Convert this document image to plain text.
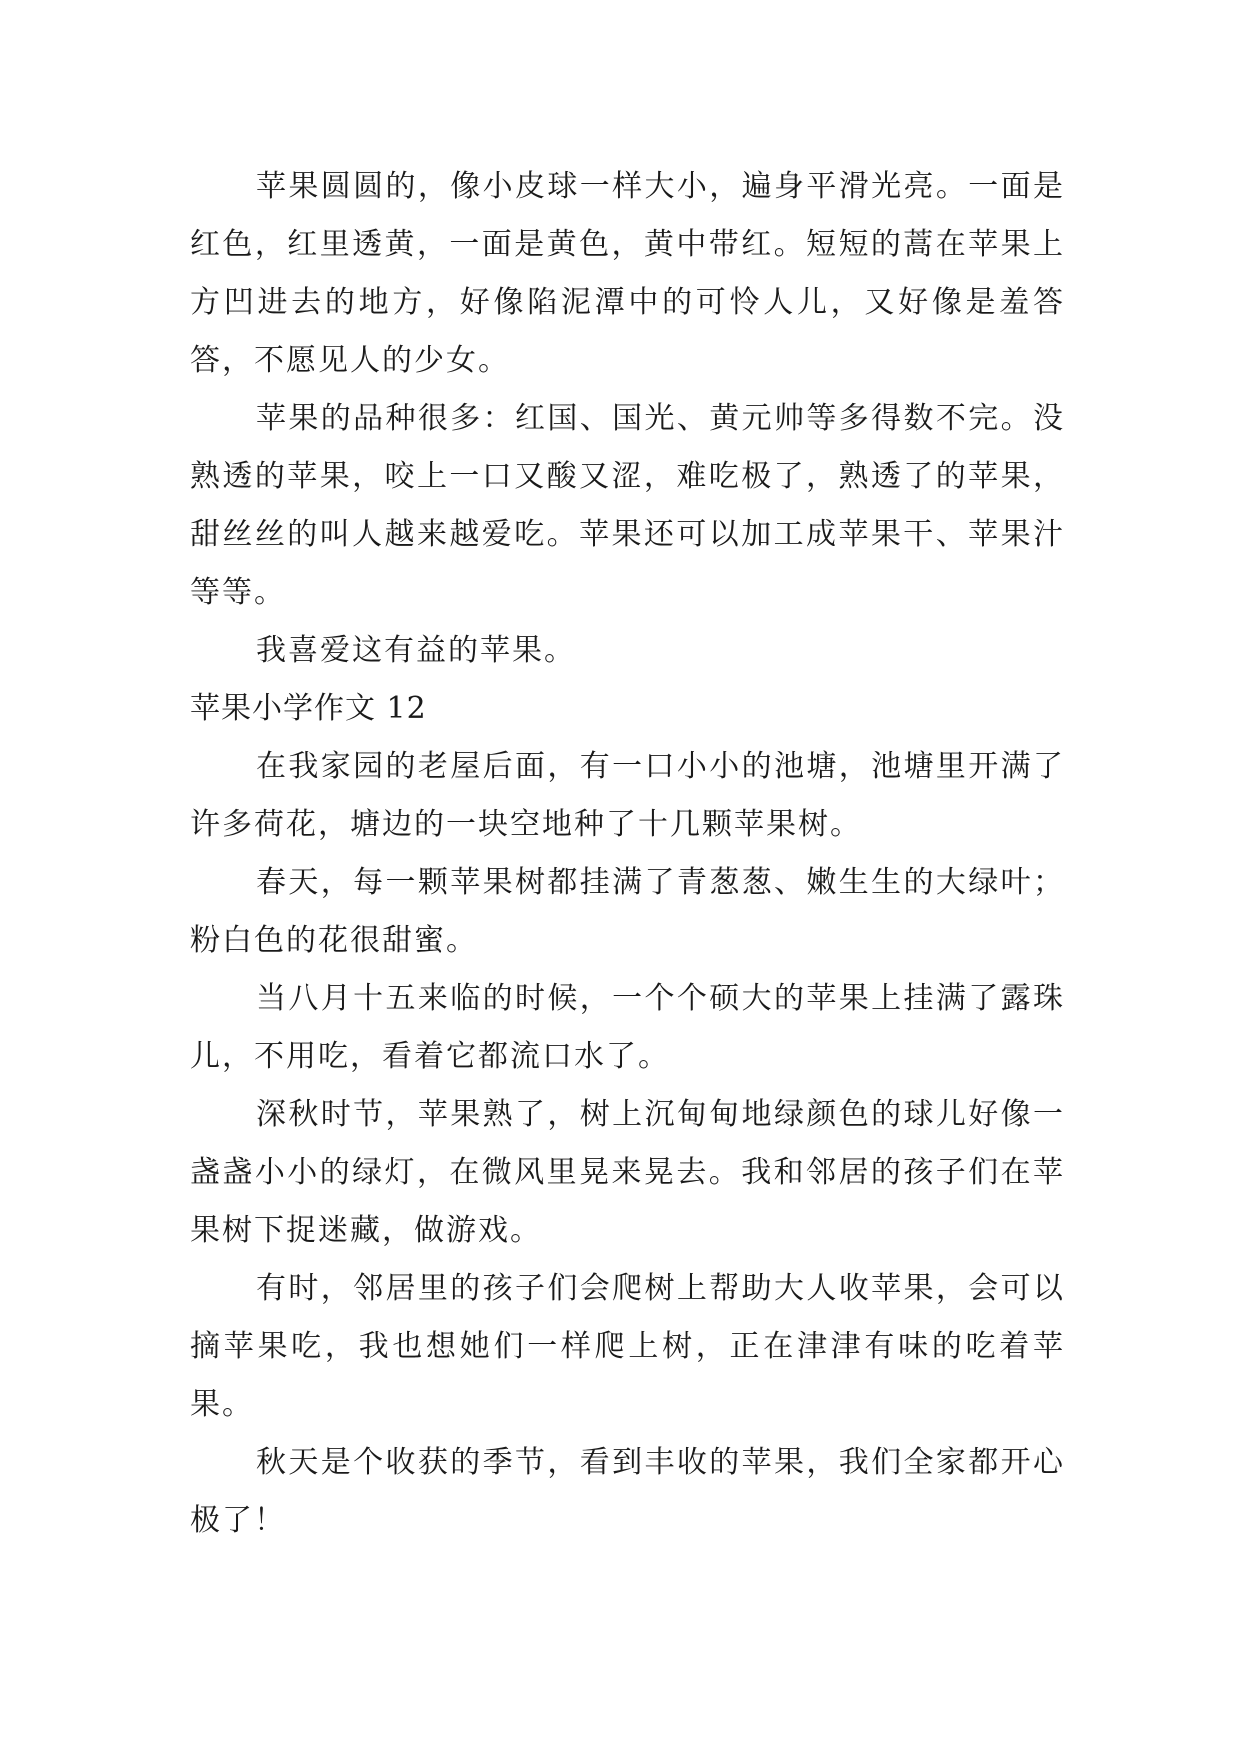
苹果圆圆的，像小皮球一样大小，遍身平滑光亮。一面是红色，红里透黄，一面是黄色，黄中带红。短短的蒿在苹果上方凹进去的地方，好像陷泥潭中的可怜人儿，又好像是羞答答，不愿见人的少女。

苹果的品种很多：红国、国光、黄元帅等多得数不完。没熟透的苹果，咬上一口又酸又涩，难吃极了，熟透了的苹果，甜丝丝的叫人越来越爱吃。苹果还可以加工成苹果干、苹果汁等等。

我喜爱这有益的苹果。

苹果小学作文 12

在我家园的老屋后面，有一口小小的池塘，池塘里开满了许多荷花，塘边的一块空地种了十几颗苹果树。

春天，每一颗苹果树都挂满了青葱葱、嫩生生的大绿叶；粉白色的花很甜蜜。

当八月十五来临的时候，一个个硕大的苹果上挂满了露珠儿，不用吃，看着它都流口水了。

深秋时节，苹果熟了，树上沉甸甸地绿颜色的球儿好像一盏盏小小的绿灯，在微风里晃来晃去。我和邻居的孩子们在苹果树下捉迷藏，做游戏。

有时，邻居里的孩子们会爬树上帮助大人收苹果，会可以摘苹果吃，我也想她们一样爬上树，正在津津有味的吃着苹果。

秋天是个收获的季节，看到丰收的苹果，我们全家都开心极了！
